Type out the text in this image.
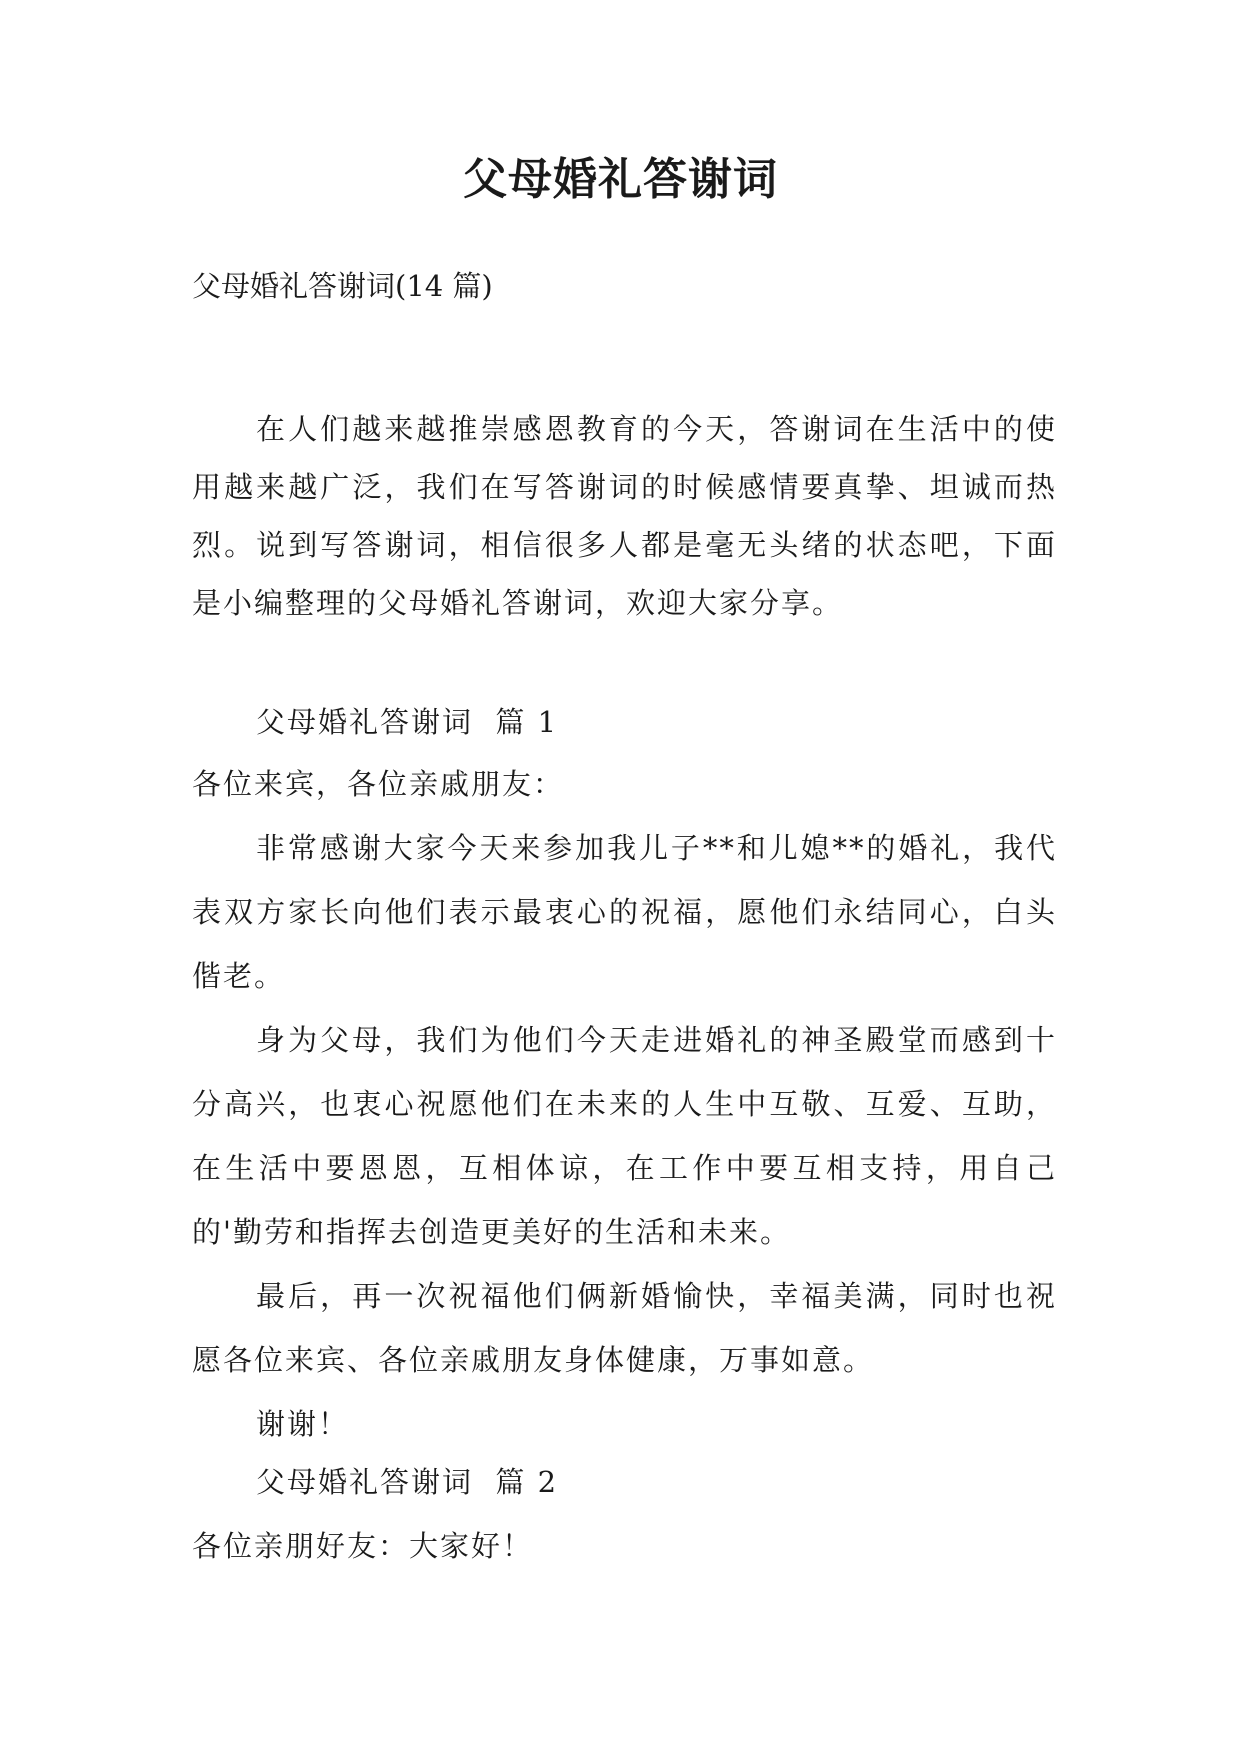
父母婚礼答谢词
父母婚礼答谢词(14 篇)

在人们越来越推崇感恩教育的今天，答谢词在生活中的使用越来越广泛，我们在写答谢词的时候感情要真挚、坦诚而热烈。说到写答谢词，相信很多人都是毫无头绪的状态吧，下面是小编整理的父母婚礼答谢词，欢迎大家分享。

父母婚礼答谢词  篇 1

各位来宾，各位亲戚朋友：

非常感谢大家今天来参加我儿子**和儿媳**的婚礼，我代表双方家长向他们表示最衷心的祝福，愿他们永结同心，白头偕老。

身为父母，我们为他们今天走进婚礼的神圣殿堂而感到十分高兴，也衷心祝愿他们在未来的人生中互敬、互爱、互助，在生活中要恩恩，互相体谅，在工作中要互相支持，用自己的'勤劳和指挥去创造更美好的生活和未来。

最后，再一次祝福他们俩新婚愉快，幸福美满，同时也祝愿各位来宾、各位亲戚朋友身体健康，万事如意。

谢谢！

父母婚礼答谢词  篇 2

各位亲朋好友：大家好！
